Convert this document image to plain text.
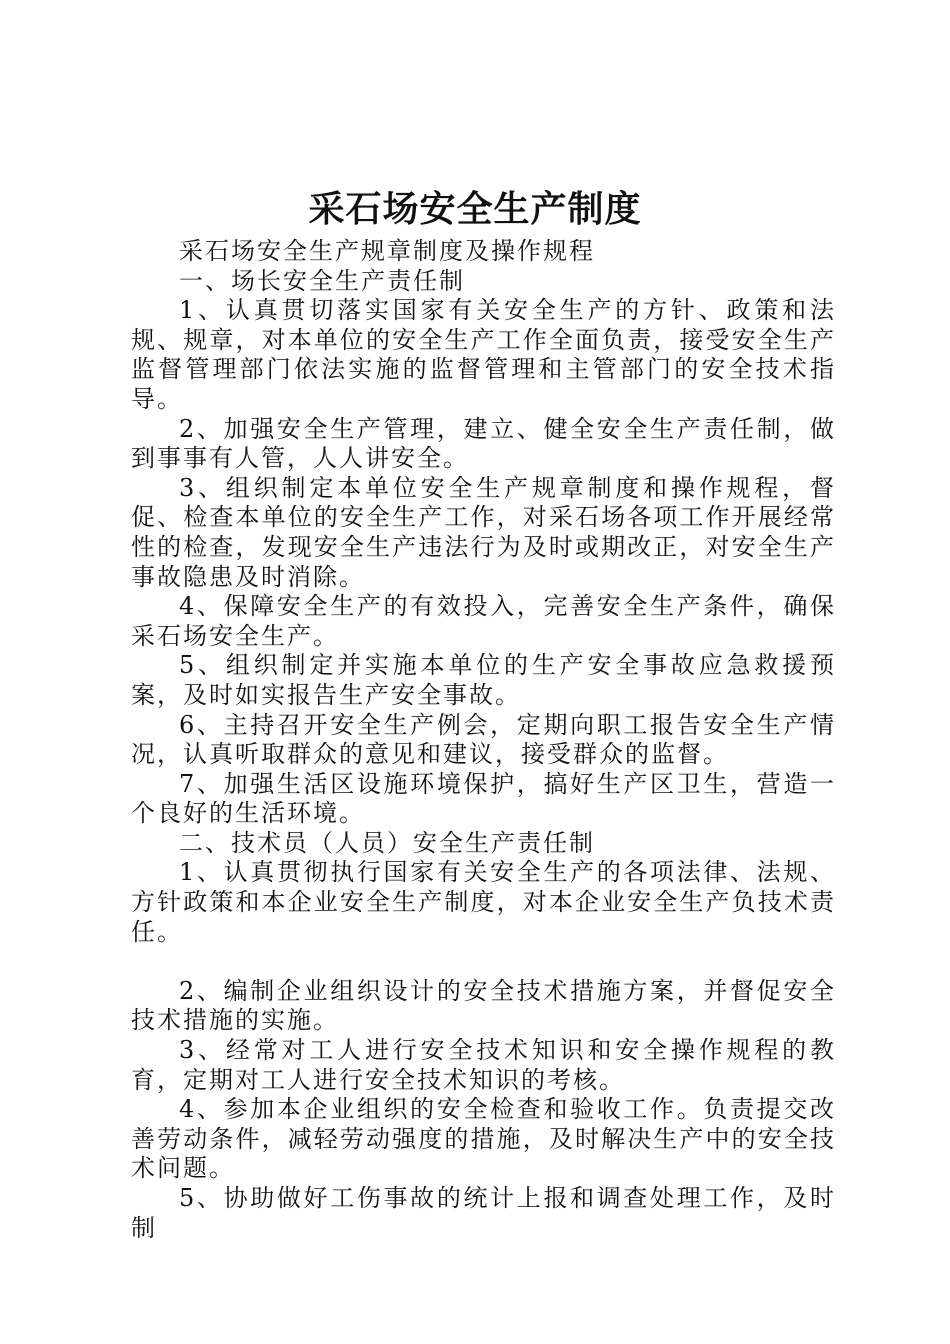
采石场安全生产制度

采石场安全生产规章制度及操作规程

一、场长安全生产责任制

1、认真贯切落实国家有关安全生产的方针、政策和法规、规章，对本单位的安全生产工作全面负责，接受安全生产监督管理部门依法实施的监督管理和主管部门的安全技术指导。

2、加强安全生产管理，建立、健全安全生产责任制，做到事事有人管，人人讲安全。

3、组织制定本单位安全生产规章制度和操作规程，督促、检查本单位的安全生产工作，对采石场各项工作开展经常性的检查，发现安全生产违法行为及时或期改正，对安全生产事故隐患及时消除。

4、保障安全生产的有效投入，完善安全生产条件，确保采石场安全生产。

5、组织制定并实施本单位的生产安全事故应急救援预案，及时如实报告生产安全事故。

6、主持召开安全生产例会，定期向职工报告安全生产情况，认真听取群众的意见和建议，接受群众的监督。

7、加强生活区设施环境保护，搞好生产区卫生，营造一个良好的生活环境。

二、技术员（人员）安全生产责任制

1、认真贯彻执行国家有关安全生产的各项法律、法规、方针政策和本企业安全生产制度，对本企业安全生产负技术责任。

2、编制企业组织设计的安全技术措施方案，并督促安全技术措施的实施。

3、经常对工人进行安全技术知识和安全操作规程的教育，定期对工人进行安全技术知识的考核。

4、参加本企业组织的安全检查和验收工作。负责提交改善劳动条件，减轻劳动强度的措施，及时解决生产中的安全技术问题。

5、协助做好工伤事故的统计上报和调查处理工作，及时制
